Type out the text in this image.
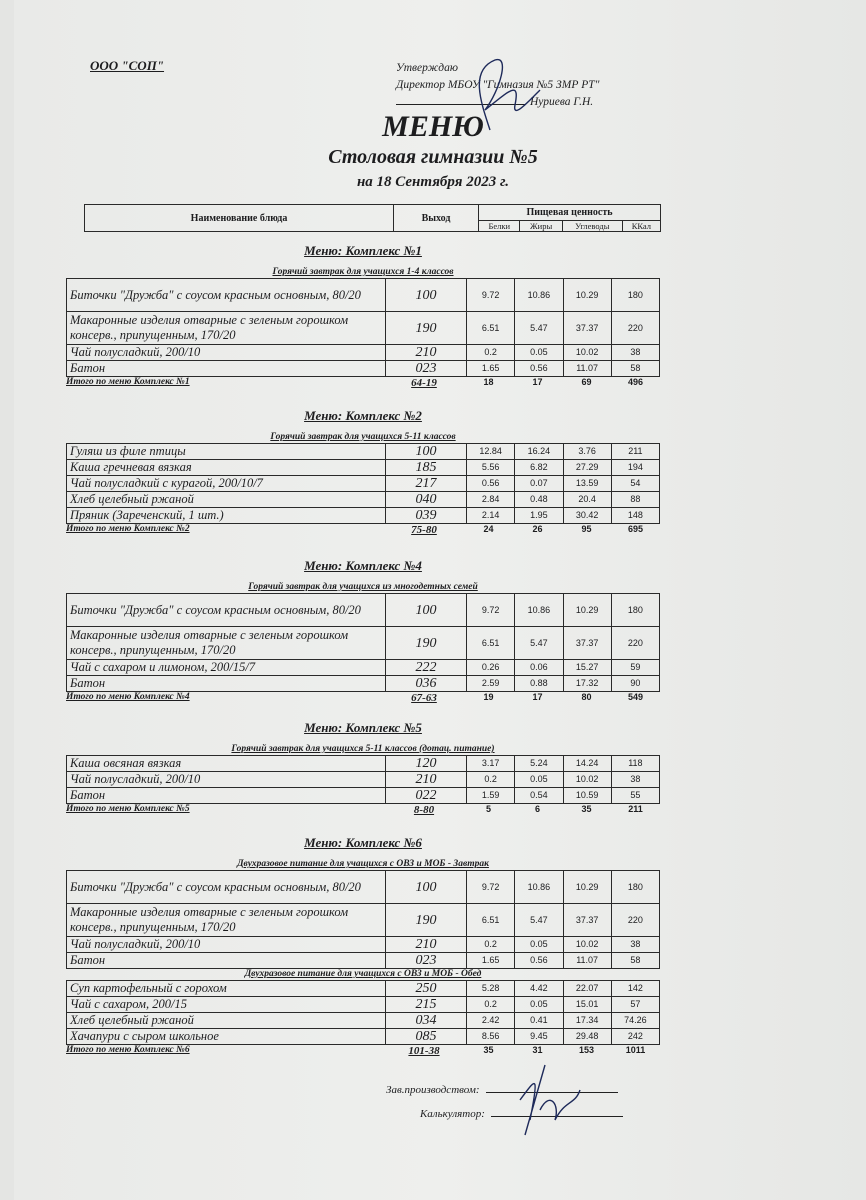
ООО "СОП"	Утверждаю
Директор МБОУ "Гимназия №5 ЗМР РТ"
Нуриева Г.Н.
МЕНЮ
Столовая гимназии №5
на 18 Сентября 2023 г.
Наименование блюда	Выход	Пищевая ценность			
		Белки	Жиры	Углеводы	ККал
Меню: Комплекс №1
Горячий завтрак для учащихся 1-4 классов
Биточки "Дружба" с соусом красным основным, 80/20	100	9.72	10.86	10.29	180
Макаронные изделия отварные с зеленым горошком консерв., припущенным, 170/20	190	6.51	5.47	37.37	220
Чай полусладкий, 200/10	210	0.2	0.05	10.02	38
Батон	023	1.65	0.56	11.07	58
Итого по меню Комплекс №1	64-19	18	17	69	496
Меню: Комплекс №2
Горячий завтрак для учащихся 5-11 классов
Гуляш из филе птицы	100	12.84	16.24	3.76	211
Каша гречневая вязкая	185	5.56	6.82	27.29	194
Чай полусладкий с курагой, 200/10/7	217	0.56	0.07	13.59	54
Хлеб целебный ржаной	040	2.84	0.48	20.4	88
Пряник (Зареченский, 1 шт.)	039	2.14	1.95	30.42	148
Итого по меню Комплекс №2	75-80	24	26	95	695
Меню: Комплекс №4
Горячий завтрак для учащихся из многодетных семей
Биточки "Дружба" с соусом красным основным, 80/20	100	9.72	10.86	10.29	180
Макаронные изделия отварные с зеленым горошком консерв., припущенным, 170/20	190	6.51	5.47	37.37	220
Чай с сахаром и лимоном, 200/15/7	222	0.26	0.06	15.27	59
Батон	036	2.59	0.88	17.32	90
Итого по меню Комплекс №4	67-63	19	17	80	549
Меню: Комплекс №5
Горячий завтрак для учащихся 5-11 классов (дотац. питание)
Каша овсяная вязкая	120	3.17	5.24	14.24	118
Чай полусладкий, 200/10	210	0.2	0.05	10.02	38
Батон	022	1.59	0.54	10.59	55
Итого по меню Комплекс №5	8-80	5	6	35	211
Меню: Комплекс №6
Двухразовое питание для учащихся с ОВЗ и МОБ - Завтрак
Биточки "Дружба" с соусом красным основным, 80/20	100	9.72	10.86	10.29	180
Макаронные изделия отварные с зеленым горошком консерв., припущенным, 170/20	190	6.51	5.47	37.37	220
Чай полусладкий, 200/10	210	0.2	0.05	10.02	38
Батон	023	1.65	0.56	11.07	58
Двухразовое питание для учащихся с ОВЗ и МОБ - Обед
Суп картофельный с горохом	250	5.28	4.42	22.07	142
Чай с сахаром, 200/15	215	0.2	0.05	15.01	57
Хлеб целебный ржаной	034	2.42	0.41	17.34	74.26
Хачапури с сыром школьное	085	8.56	9.45	29.48	242
Итого по меню Комплекс №6	101-38	35	31	153	1011
Зав.производством:
Калькулятор:
